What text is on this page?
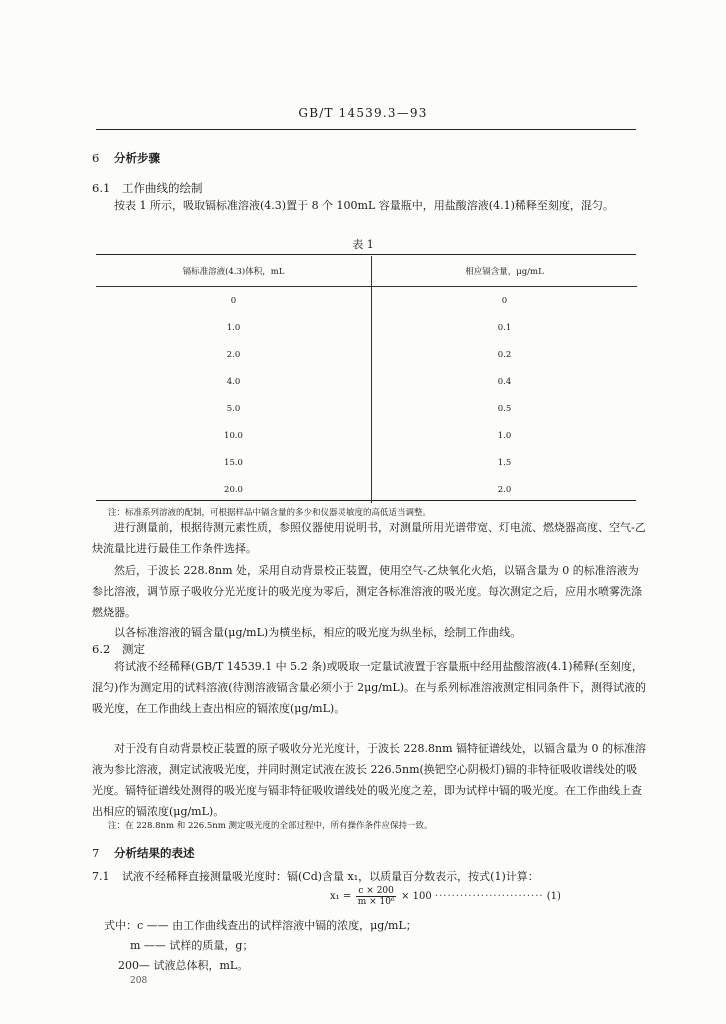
GB/T 14539.3—93
6 分析步骤
6.1 工作曲线的绘制
按表 1 所示，吸取镉标准溶液(4.3)置于 8 个 100mL 容量瓶中，用盐酸溶液(4.1)稀释至刻度，混匀。
表 1
镉标准溶液(4.3)体积，mL	相应镉含量，μg/mL
0	0
1.0	0.1
2.0	0.2
4.0	0.4
5.0	0.5
10.0	1.0
15.0	1.5
20.0	2.0
注：标准系列溶液的配制，可根据样品中镉含量的多少和仪器灵敏度的高低适当调整。
进行测量前，根据待测元素性质，参照仪器使用说明书，对测量所用光谱带宽、灯电流、燃烧器高度、空气-乙炔流量比进行最佳工作条件选择。
然后，于波长 228.8nm 处，采用自动背景校正装置，使用空气-乙炔氧化火焰，以镉含量为 0 的标准溶液为参比溶液，调节原子吸收分光光度计的吸光度为零后，测定各标准溶液的吸光度。每次测定之后，应用水喷雾洗涤燃烧器。
以各标准溶液的镉含量(μg/mL)为横坐标，相应的吸光度为纵坐标，绘制工作曲线。
6.2 测定
将试液不经稀释(GB/T 14539.1 中 5.2 条)或吸取一定量试液置于容量瓶中经用盐酸溶液(4.1)稀释(至刻度，混匀)作为测定用的试料溶液(待测溶液镉含量必须小于 2μg/mL)。在与系列标准溶液测定相同条件下，测得试液的吸光度，在工作曲线上查出相应的镉浓度(μg/mL)。
对于没有自动背景校正装置的原子吸收分光光度计，于波长 228.8nm 镉特征谱线处，以镉含量为 0 的标准溶液为参比溶液，测定试液吸光度，并同时测定试液在波长 226.5nm(换钯空心阴极灯)镉的非特征吸收谱线处的吸光度。镉特征谱线处测得的吸光度与镉非特征吸收谱线处的吸光度之差，即为试样中镉的吸光度。在工作曲线上查出相应的镉浓度(μg/mL)。
注：在 228.8nm 和 226.5nm 测定吸光度的全部过程中，所有操作条件应保持一致。
7 分析结果的表述
7.1 试液不经稀释直接测量吸光度时：镉(Cd)含量 x₁，以质量百分数表示，按式(1)计算：
$x_1 = \frac{c \times 200}{\text{m × 10⁶}} \times 100$ ·························· (1)
式中：c —— 由工作曲线查出的试样溶液中镉的浓度，μg/mL；
m —— 试样的质量，g；
200— 试液总体积，mL。
208
